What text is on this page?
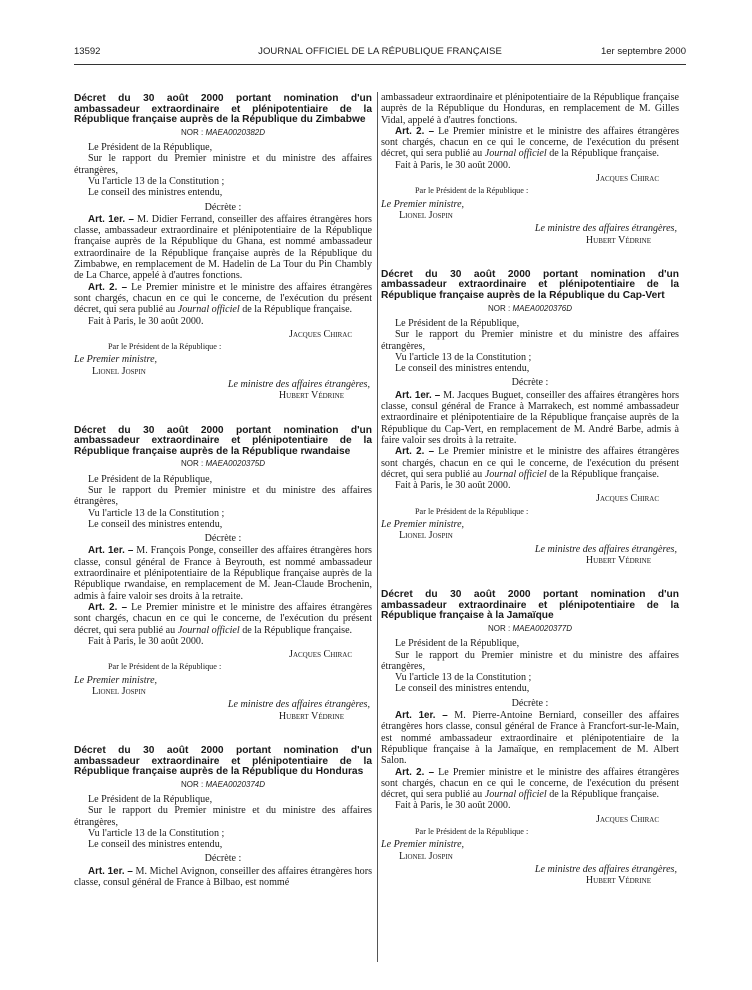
13592	JOURNAL OFFICIEL DE LA RÉPUBLIQUE FRANÇAISE	1er septembre 2000

Décret du 30 août 2000 portant nomination d'un ambassadeur extraordinaire et plénipotentiaire de la République française auprès de la République du Zimbabwe

NOR : MAEA0020382D

Le Président de la République,

Sur le rapport du Premier ministre et du ministre des affaires étrangères,

Vu l'article 13 de la Constitution ;

Le conseil des ministres entendu,

Décrète :

Art. 1er. – M. Didier Ferrand, conseiller des affaires étrangères hors classe, ambassadeur extraordinaire et plénipotentiaire de la République française auprès de la République du Ghana, est nommé ambassadeur extraordinaire de la République française auprès de la République du Zimbabwe, en remplacement de M. Hadelin de La Tour du Pin Chambly de La Charce, appelé à d'autres fonctions.

Art. 2. – Le Premier ministre et le ministre des affaires étrangères sont chargés, chacun en ce qui le concerne, de l'exécution du présent décret, qui sera publié au Journal officiel de la République française.

Fait à Paris, le 30 août 2000.

Jacques Chirac

Par le Président de la République :

Le Premier ministre,

Lionel Jospin

Le ministre des affaires étrangères,

Hubert Védrine

Décret du 30 août 2000 portant nomination d'un ambassadeur extraordinaire et plénipotentiaire de la République française auprès de la République rwandaise

NOR : MAEA0020375D

Le Président de la République,

Sur le rapport du Premier ministre et du ministre des affaires étrangères,

Vu l'article 13 de la Constitution ;

Le conseil des ministres entendu,

Décrète :

Art. 1er. – M. François Ponge, conseiller des affaires étrangères hors classe, consul général de France à Beyrouth, est nommé ambassadeur extraordinaire et plénipotentiaire de la République française auprès de la République rwandaise, en remplacement de M. Jean-Claude Brochenin, admis à faire valoir ses droits à la retraite.

Art. 2. – Le Premier ministre et le ministre des affaires étrangères sont chargés, chacun en ce qui le concerne, de l'exécution du présent décret, qui sera publié au Journal officiel de la République française.

Fait à Paris, le 30 août 2000.

Jacques Chirac

Par le Président de la République :

Le Premier ministre,

Lionel Jospin

Le ministre des affaires étrangères,

Hubert Védrine

Décret du 30 août 2000 portant nomination d'un ambassadeur extraordinaire et plénipotentiaire de la République française auprès de la République du Honduras

NOR : MAEA0020374D

Le Président de la République,

Sur le rapport du Premier ministre et du ministre des affaires étrangères,

Vu l'article 13 de la Constitution ;

Le conseil des ministres entendu,

Décrète :

Art. 1er. – M. Michel Avignon, conseiller des affaires étrangères hors classe, consul général de France à Bilbao, est nommé

ambassadeur extraordinaire et plénipotentiaire de la République française auprès de la République du Honduras, en remplacement de M. Gilles Vidal, appelé à d'autres fonctions.

Art. 2. – Le Premier ministre et le ministre des affaires étrangères sont chargés, chacun en ce qui le concerne, de l'exécution du présent décret, qui sera publié au Journal officiel de la République française.

Fait à Paris, le 30 août 2000.

Jacques Chirac

Par le Président de la République :

Le Premier ministre,

Lionel Jospin

Le ministre des affaires étrangères,

Hubert Védrine

Décret du 30 août 2000 portant nomination d'un ambassadeur extraordinaire et plénipotentiaire de la République française auprès de la République du Cap-Vert

NOR : MAEA0020376D

Le Président de la République,

Sur le rapport du Premier ministre et du ministre des affaires étrangères,

Vu l'article 13 de la Constitution ;

Le conseil des ministres entendu,

Décrète :

Art. 1er. – M. Jacques Buguet, conseiller des affaires étrangères hors classe, consul général de France à Marrakech, est nommé ambassadeur extraordinaire et plénipotentiaire de la République française auprès de la République du Cap-Vert, en remplacement de M. André Barbe, admis à faire valoir ses droits à la retraite.

Art. 2. – Le Premier ministre et le ministre des affaires étrangères sont chargés, chacun en ce qui le concerne, de l'exécution du présent décret, qui sera publié au Journal officiel de la République française.

Fait à Paris, le 30 août 2000.

Jacques Chirac

Par le Président de la République :

Le Premier ministre,

Lionel Jospin

Le ministre des affaires étrangères,

Hubert Védrine

Décret du 30 août 2000 portant nomination d'un ambassadeur extraordinaire et plénipotentiaire de la République française à la Jamaïque

NOR : MAEA0020377D

Le Président de la République,

Sur le rapport du Premier ministre et du ministre des affaires étrangères,

Vu l'article 13 de la Constitution ;

Le conseil des ministres entendu,

Décrète :

Art. 1er. – M. Pierre-Antoine Berniard, conseiller des affaires étrangères hors classe, consul général de France à Francfort-sur-le-Main, est nommé ambassadeur extraordinaire et plénipotentiaire de la République française à la Jamaïque, en remplacement de M. Albert Salon.

Art. 2. – Le Premier ministre et le ministre des affaires étrangères sont chargés, chacun en ce qui le concerne, de l'exécution du présent décret, qui sera publié au Journal officiel de la République française.

Fait à Paris, le 30 août 2000.

Jacques Chirac

Par le Président de la République :

Le Premier ministre,

Lionel Jospin

Le ministre des affaires étrangères,

Hubert Védrine
